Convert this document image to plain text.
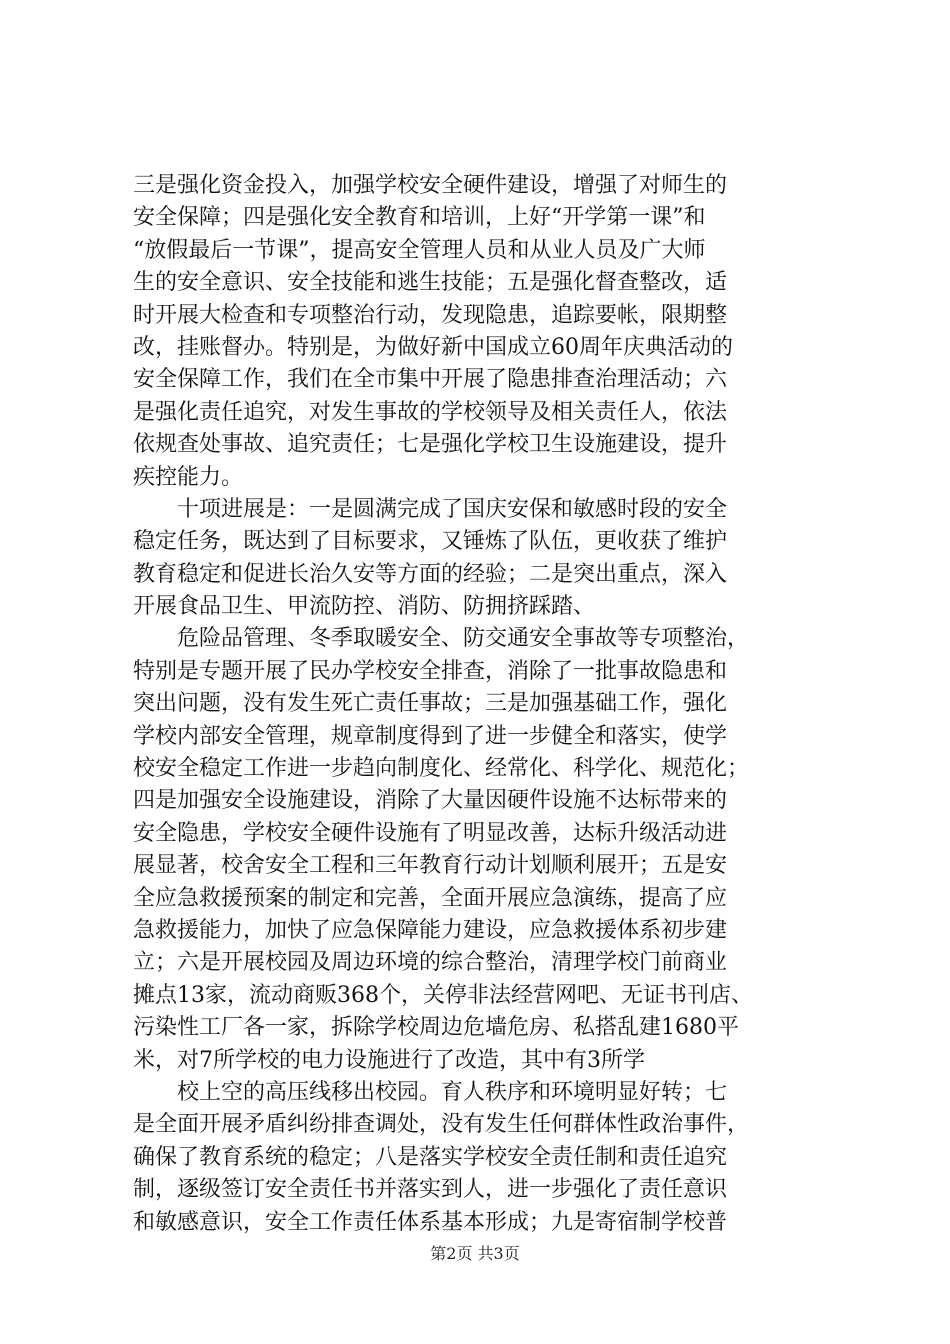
三是强化资金投入，加强学校安全硬件建设，增强了对师生的
安全保障；四是强化安全教育和培训，上好“开学第一课”和
“放假最后一节课”，提高安全管理人员和从业人员及广大师
生的安全意识、安全技能和逃生技能；五是强化督查整改，适
时开展大检查和专项整治行动，发现隐患，追踪要帐，限期整
改，挂账督办。特别是，为做好新中国成立60周年庆典活动的
安全保障工作，我们在全市集中开展了隐患排查治理活动；六
是强化责任追究，对发生事故的学校领导及相关责任人，依法
依规查处事故、追究责任；七是强化学校卫生设施建设，提升
疾控能力。
　　十项进展是：一是圆满完成了国庆安保和敏感时段的安全
稳定任务，既达到了目标要求，又锤炼了队伍，更收获了维护
教育稳定和促进长治久安等方面的经验；二是突出重点，深入
开展食品卫生、甲流防控、消防、防拥挤踩踏、
　　危险品管理、冬季取暖安全、防交通安全事故等专项整治，
特别是专题开展了民办学校安全排查，消除了一批事故隐患和
突出问题，没有发生死亡责任事故；三是加强基础工作，强化
学校内部安全管理，规章制度得到了进一步健全和落实，使学
校安全稳定工作进一步趋向制度化、经常化、科学化、规范化；
四是加强安全设施建设，消除了大量因硬件设施不达标带来的
安全隐患，学校安全硬件设施有了明显改善，达标升级活动进
展显著，校舍安全工程和三年教育行动计划顺利展开；五是安
全应急救援预案的制定和完善，全面开展应急演练，提高了应
急救援能力，加快了应急保障能力建设，应急救援体系初步建
立；六是开展校园及周边环境的综合整治，清理学校门前商业
摊点13家，流动商贩368个，关停非法经营网吧、无证书刊店、
污染性工厂各一家，拆除学校周边危墙危房、私搭乱建1680平
米，对7所学校的电力设施进行了改造，其中有3所学
　　校上空的高压线移出校园。育人秩序和环境明显好转；七
是全面开展矛盾纠纷排查调处，没有发生任何群体性政治事件，
确保了教育系统的稳定；八是落实学校安全责任制和责任追究
制，逐级签订安全责任书并落实到人，进一步强化了责任意识
和敏感意识，安全工作责任体系基本形成；九是寄宿制学校普
第2页 共3页
